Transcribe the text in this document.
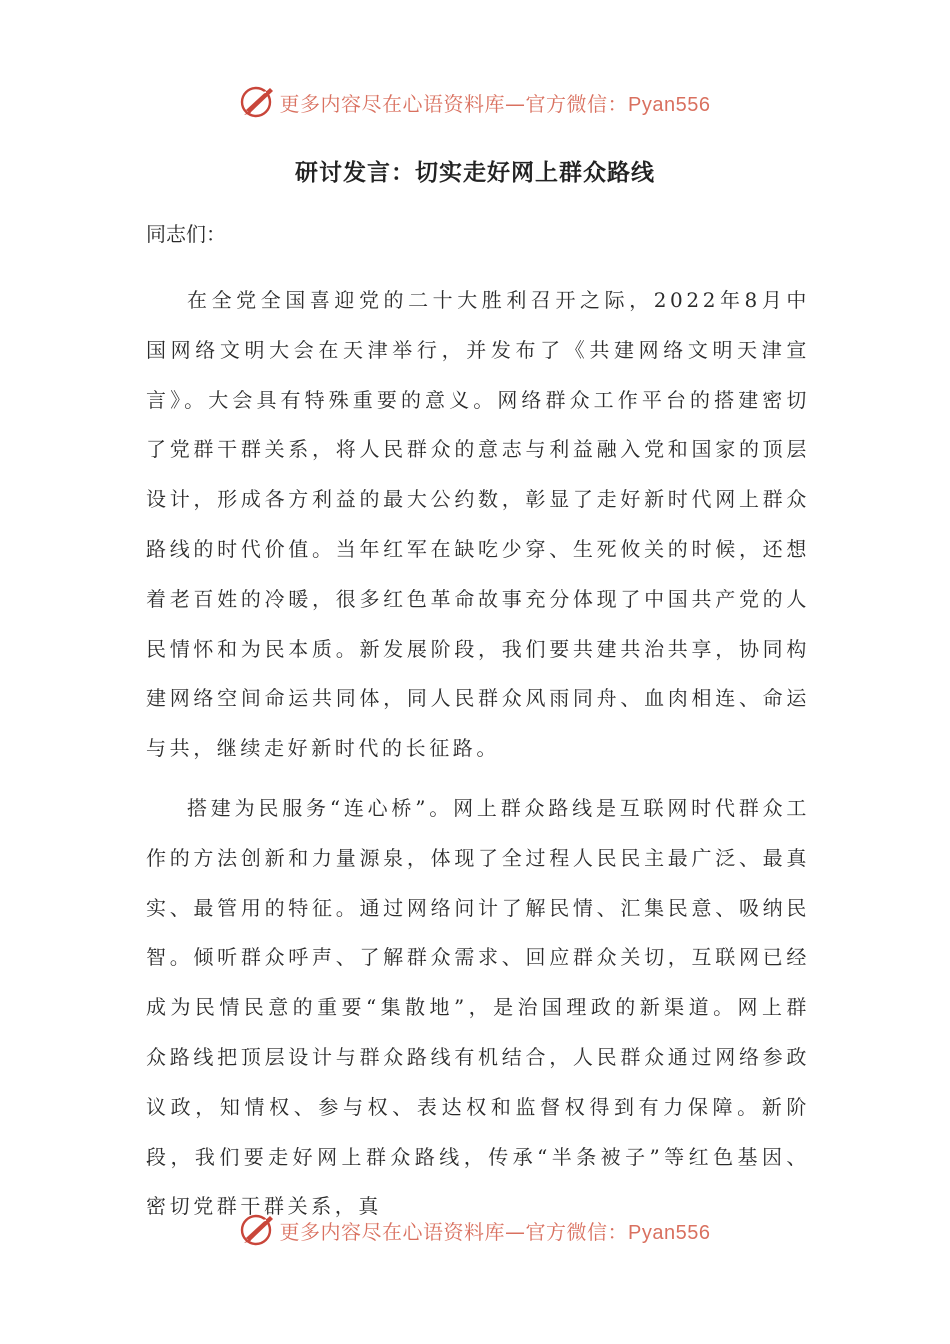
更多内容尽在心语资料库—官方微信：Pyan556
研讨发言：切实走好网上群众路线
同志们：

在全党全国喜迎党的二十大胜利召开之际，2022年8月中国网络文明大会在天津举行，并发布了《共建网络文明天津宣言》。大会具有特殊重要的意义。网络群众工作平台的搭建密切了党群干群关系，将人民群众的意志与利益融入党和国家的顶层设计，形成各方利益的最大公约数，彰显了走好新时代网上群众路线的时代价值。当年红军在缺吃少穿、生死攸关的时候，还想着老百姓的冷暖，很多红色革命故事充分体现了中国共产党的人民情怀和为民本质。新发展阶段，我们要共建共治共享，协同构建网络空间命运共同体，同人民群众风雨同舟、血肉相连、命运与共，继续走好新时代的长征路。

搭建为民服务“连心桥”。网上群众路线是互联网时代群众工作的方法创新和力量源泉，体现了全过程人民民主最广泛、最真实、最管用的特征。通过网络问计了解民情、汇集民意、吸纳民智。倾听群众呼声、了解群众需求、回应群众关切，互联网已经成为民情民意的重要“集散地”，是治国理政的新渠道。网上群众路线把顶层设计与群众路线有机结合，人民群众通过网络参政议政，知情权、参与权、表达权和监督权得到有力保障。新阶段，我们要走好网上群众路线，传承“半条被子”等红色基因、密切党群干群关系，真

更多内容尽在心语资料库—官方微信：Pyan556
